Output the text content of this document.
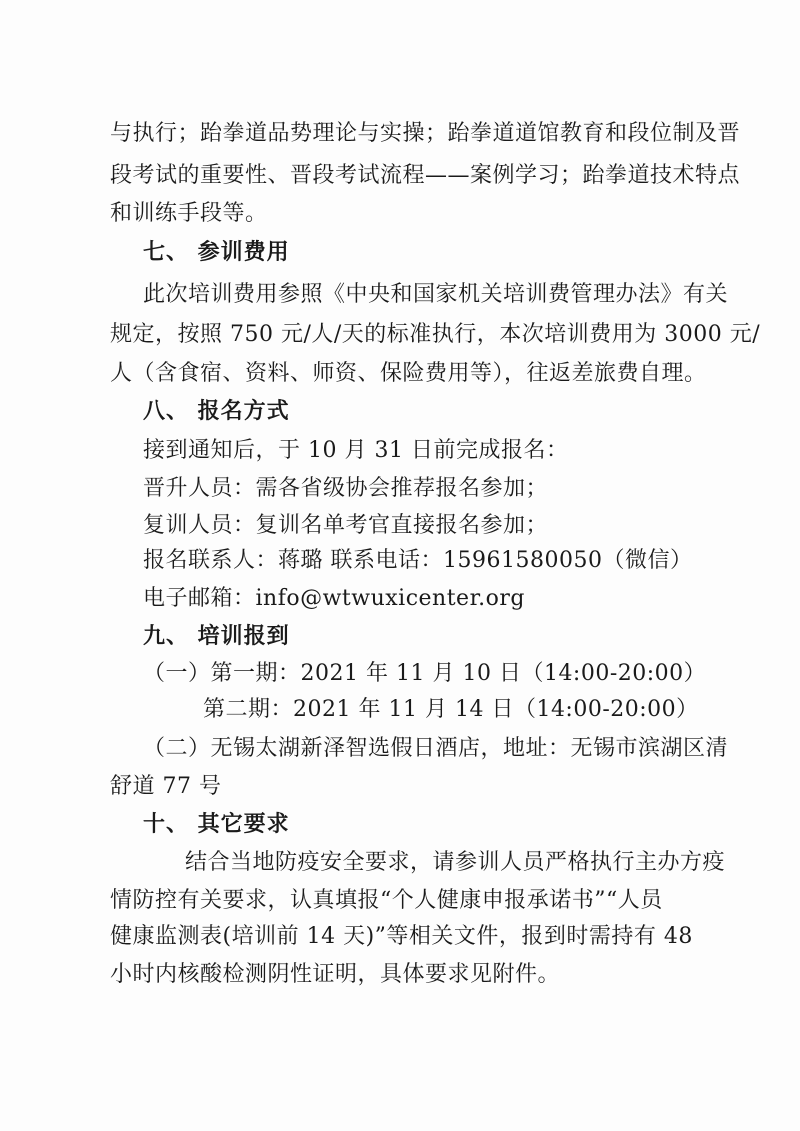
与执行；跆拳道品势理论与实操；跆拳道道馆教育和段位制及晋
段考试的重要性、晋段考试流程——案例学习；跆拳道技术特点
和训练手段等。
七、 参训费用
此次培训费用参照《中央和国家机关培训费管理办法》有关
规定，按照 750 元/人/天的标准执行，本次培训费用为 3000 元/
人（含食宿、资料、师资、保险费用等），往返差旅费自理。
八、 报名方式
接到通知后，于 10 月 31 日前完成报名：
晋升人员：需各省级协会推荐报名参加；
复训人员：复训名单考官直接报名参加；
报名联系人：蒋璐 联系电话：15961580050（微信）
电子邮箱：info@wtwuxicenter.org
九、 培训报到
（一）第一期：2021 年 11 月 10 日（14:00-20:00）
第二期：2021 年 11 月 14 日（14:00-20:00）
（二）无锡太湖新泽智选假日酒店，地址：无锡市滨湖区清
舒道 77 号
十、 其它要求
结合当地防疫安全要求，请参训人员严格执行主办方疫
情防控有关要求，认真填报“个人健康申报承诺书”“人员
健康监测表(培训前 14 天)”等相关文件，报到时需持有 48
小时内核酸检测阴性证明，具体要求见附件。
